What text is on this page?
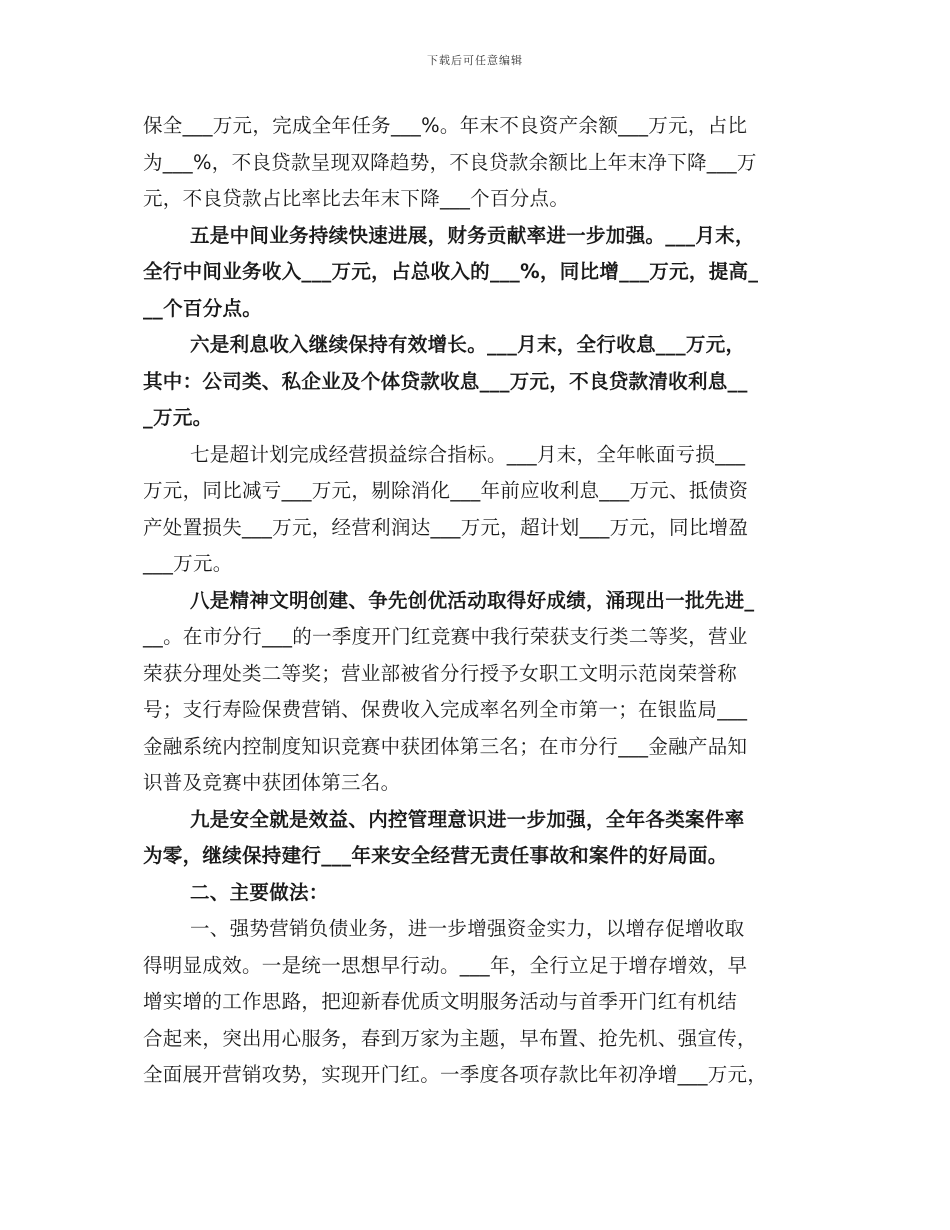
下载后可任意编辑
保全___万元，完成全年任务___%。年末不良资产余额___万元，占比
为___%，不良贷款呈现双降趋势，不良贷款余额比上年末净下降___万
元，不良贷款占比率比去年末下降___个百分点。
五是中间业务持续快速进展，财务贡献率进一步加强。___月末，
全行中间业务收入___万元，占总收入的___%，同比增___万元，提高_
__个百分点。
六是利息收入继续保持有效增长。___月末，全行收息___万元，
其中：公司类、私企业及个体贷款收息___万元，不良贷款清收利息__
_万元。
七是超计划完成经营损益综合指标。___月末，全年帐面亏损___
万元，同比减亏___万元，剔除消化___年前应收利息___万元、抵债资
产处置损失___万元，经营利润达___万元，超计划___万元，同比增盈
___万元。
八是精神文明创建、争先创优活动取得好成绩，涌现出一批先进_
__。在市分行___的一季度开门红竞赛中我行荣获支行类二等奖，营业
荣获分理处类二等奖；营业部被省分行授予女职工文明示范岗荣誉称
号；支行寿险保费营销、保费收入完成率名列全市第一；在银监局___
金融系统内控制度知识竞赛中获团体第三名；在市分行___金融产品知
识普及竞赛中获团体第三名。
九是安全就是效益、内控管理意识进一步加强，全年各类案件率
为零，继续保持建行___年来安全经营无责任事故和案件的好局面。
二、主要做法：
一、强势营销负债业务，进一步增强资金实力，以增存促增收取
得明显成效。一是统一思想早行动。___年，全行立足于增存增效，早
增实增的工作思路，把迎新春优质文明服务活动与首季开门红有机结
合起来，突出用心服务，春到万家为主题，早布置、抢先机、强宣传，
全面展开营销攻势，实现开门红。一季度各项存款比年初净增___万元，
